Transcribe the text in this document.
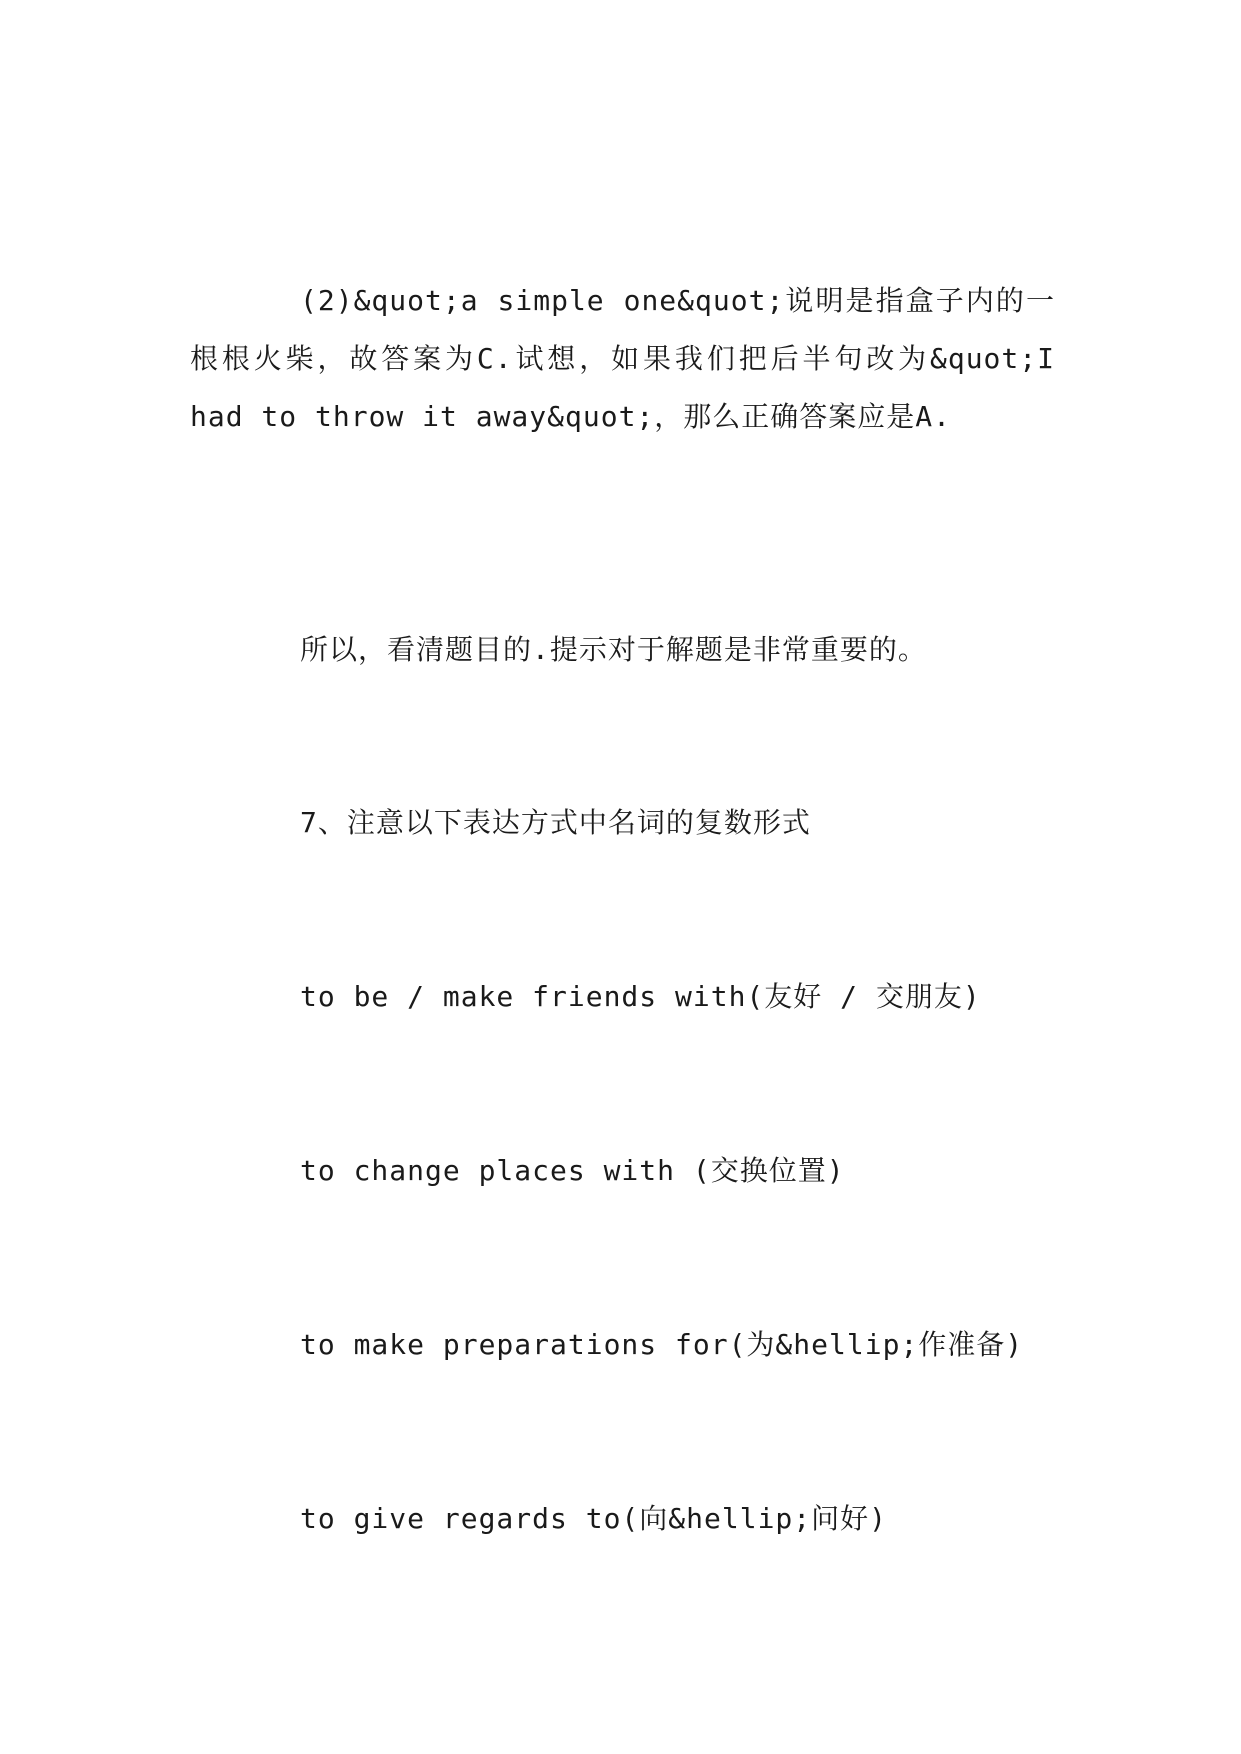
(2)&quot;a simple one&quot;说明是指盒子内的一根根火柴，故答案为C.试想，如果我们把后半句改为&quot;I had to throw it away&quot;，那么正确答案应是A.

所以，看清题目的.提示对于解题是非常重要的。

7、注意以下表达方式中名词的复数形式

to be / make friends with(友好 / 交朋友)

to change places with (交换位置)

to make preparations for(为&hellip;作准备)

to give regards to(向&hellip;问好)
